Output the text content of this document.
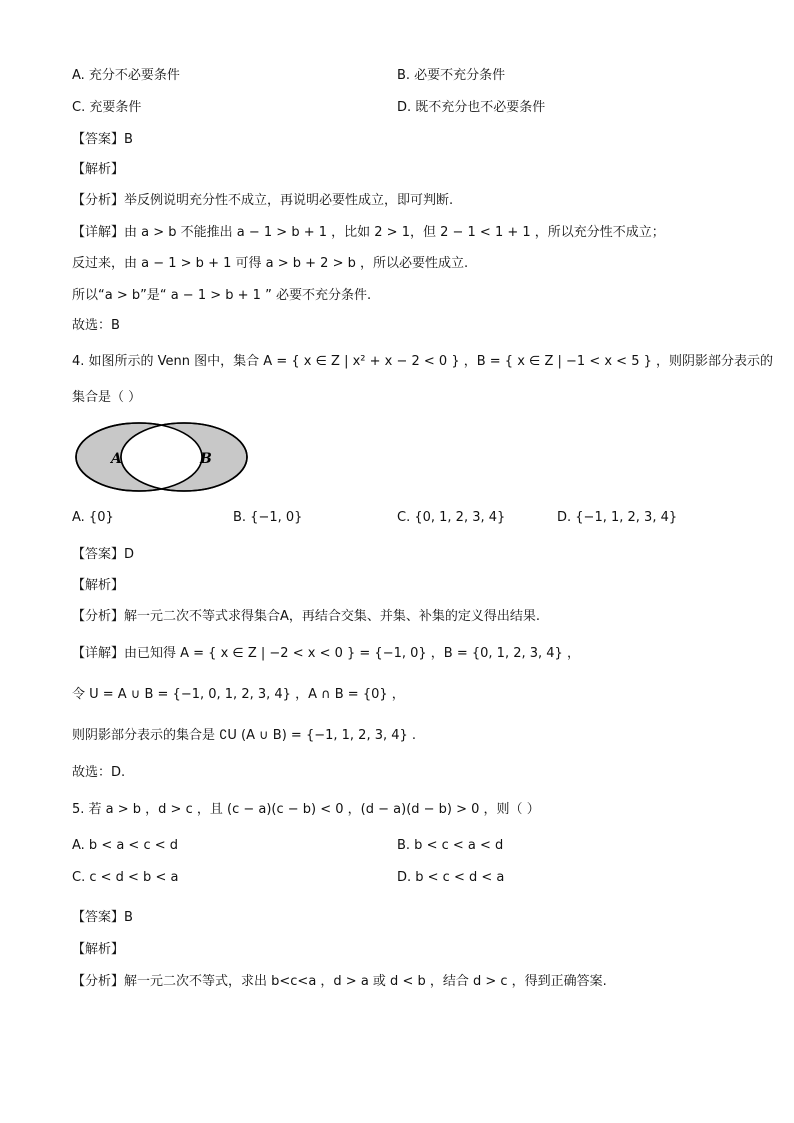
A. 充分不必要条件	B. 必要不充分条件
C. 充要条件	D. 既不充分也不必要条件
【答案】B
【解析】
【分析】举反例说明充分性不成立，再说明必要性成立，即可判断.
【详解】由 a > b 不能推出 a − 1 > b + 1 ，比如 2 > 1，但 2 − 1 < 1 + 1 ，所以充分性不成立；
反过来，由 a − 1 > b + 1 可得 a > b + 2 > b ，所以必要性成立.
所以“a > b”是“ a − 1 > b + 1 ” 必要不充分条件.
故选：B
4. 如图所示的 Venn 图中，集合 A = { x ∈ Z | x² + x − 2 < 0 } ，B = { x ∈ Z | −1 < x < 5 } ，则阴影部分表示的
集合是（ ）
A	B
A. {0}	B. {−1, 0}	C. {0, 1, 2, 3, 4}	D. {−1, 1, 2, 3, 4}
【答案】D
【解析】
【分析】解一元二次不等式求得集合A，再结合交集、并集、补集的定义得出结果.
【详解】由已知得 A = { x ∈ Z | −2 < x < 0 } = {−1, 0} ，B = {0, 1, 2, 3, 4} ，
令 U = A ∪ B = {−1, 0, 1, 2, 3, 4} ，A ∩ B = {0} ，
则阴影部分表示的集合是 ∁U (A ∪ B) = {−1, 1, 2, 3, 4} .
故选：D.
5. 若 a > b ，d > c ，且 (c − a)(c − b) < 0 ，(d − a)(d − b) > 0 ，则（ ）
A. b < a < c < d	B. b < c < a < d
C. c < d < b < a	D. b < c < d < a
【答案】B
【解析】
【分析】解一元二次不等式，求出 b<c<a ，d > a 或 d < b ，结合 d > c ，得到正确答案.
